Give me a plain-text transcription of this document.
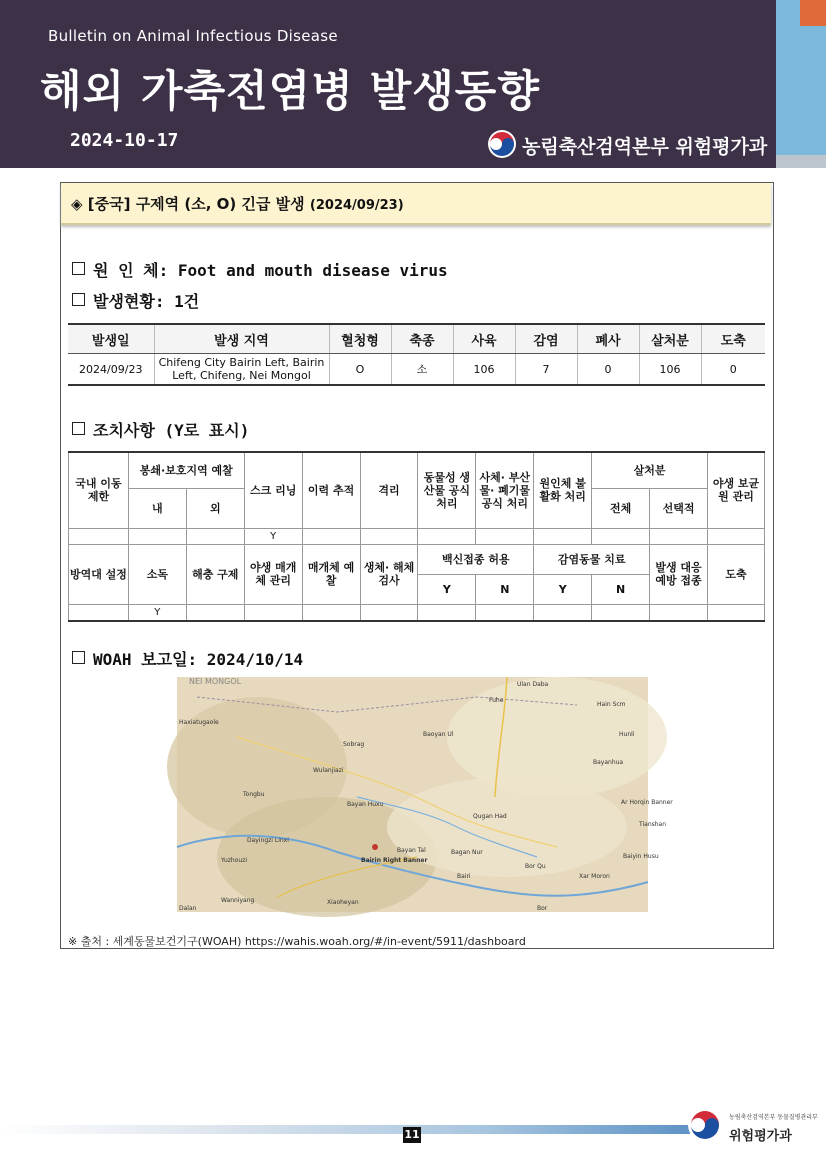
Bulletin on Animal Infectious Disease
해외 가축전염병 발생동향
2024-10-17	농림축산검역본부 위험평가과
◈ [중국] 구제역 (소, O) 긴급 발생 (2024/09/23)
원 인 체: Foot and mouth disease virus
발생현황: 1건
발생일	발생 지역	혈청형	축종	사육	감염	폐사	살처분	도축
2024/09/23	Chifeng City Bairin Left, Bairin Left, Chifeng, Nei Mongol	O	소	106	7	0	106	0
조치사항 (Y로 표시)
국내 이동 제한	봉쇄·보호지역 예찰		스크 리닝	이력 추적	격리	동물성 생산물 공식 처리	사체· 부산물· 폐기물 공식 처리	원인체 불활화 처리	살처분		야생 보균원 관리
	내	외							전체	선택적	
			Y								
방역대 설정	소독	해충 구제	야생 매개체 관리	매개체 예찰	생체· 해체 검사	백신접종 허용		감염동물 치료		발생 대응 예방 접종	도축
						Y	N	Y	N		
	Y										
WOAH 보고일: 2024/10/14
NEI MONGOL	Ulan Daba
Fuhe
Hain Scm
Haxiatugaole
Baoyan Ul	Hunli
Sobrag
Bayanhua
Wulanjiazi
Tongbu
Bayan Huxu	Ar Horqin Banner
Qugan Had
Tianshan
Dayingzi Linxi
Yuzhouzi
Bayan Tal
Bairin Right Banner
Bairi
Baiyin Husu
Bor Qu
Xar Moron
Bagan Nur
Wanniyang	Xiaoheyan
Dalan	Bor
※ 출처 : 세계동물보건기구(WOAH) https://wahis.woah.org/#/in-event/5911/dashboard
11
농림축산검역본부 동물질병관리부
위험평가과
